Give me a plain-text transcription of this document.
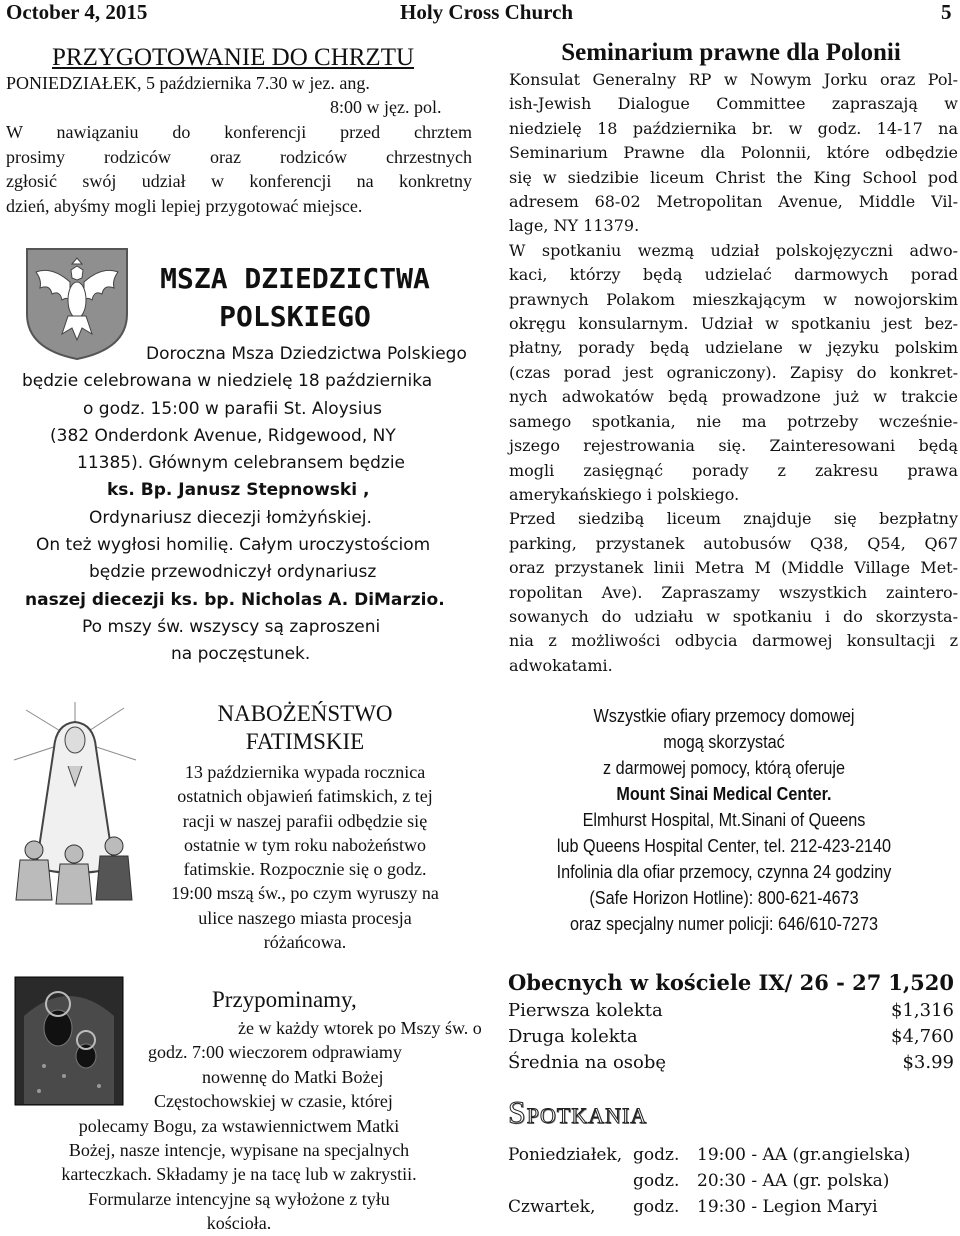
October 4, 2015	Holy Cross Church	5
PRZYGOTOWANIE DO CHRZTU
PONIEDZIAŁEK, 5 października 7.30 w jez. ang.
8:00 w jęz. pol.
W nawiązaniu do konferencji przed chrztem
prosimy rodziców oraz rodziców chrzestnych
zgłosić swój udział w konferencji na konkretny
dzień, abyśmy mogli lepiej przygotować miejsce.
MSZA DZIEDZICTWA
POLSKIEGO
Doroczna Msza Dziedzictwa Polskiego
będzie celebrowana w niedzielę 18 października
o godz. 15:00 w parafii St. Aloysius
(382 Onderdonk Avenue, Ridgewood, NY
11385). Głównym celebransem będzie
ks. Bp. Janusz Stepnowski ,
Ordynariusz diecezji łomżyńskiej.
On też wygłosi homilię. Całym uroczystościom
będzie przewodniczył ordynariusz
naszej diecezji ks. bp. Nicholas A. DiMarzio.
Po mszy św. wszyscy są zaproszeni
na poczęstunek.
NABOŻEŃSTWO
FATIMSKIE
13 października wypada rocznica
ostatnich objawień fatimskich, z tej
racji w naszej parafii odbędzie się
ostatnie w tym roku nabożeństwo
fatimskie. Rozpocznie się o godz.
19:00 mszą św., po czym wyruszy na
ulice naszego miasta procesja
różańcowa.
Przypominamy,
że w każdy wtorek po Mszy św. o
godz. 7:00 wieczorem odprawiamy
nowennę do Matki Bożej
Częstochowskiej w czasie, której
polecamy Bogu, za wstawiennictwem Matki
Bożej, nasze intencje, wypisane na specjalnych
karteczkach. Składamy je na tacę lub w zakrystii.
Formularze intencyjne są wyłożone z tyłu
kościoła.
Seminarium prawne dla Polonii
Konsulat Generalny RP w Nowym Jorku oraz Pol-
ish-Jewish Dialogue Committee zapraszają w
niedzielę 18 października br. w godz. 14-17 na
Seminarium Prawne dla Polonnii, które odbędzie
się w siedzibie liceum Christ the King School pod
adresem 68-02 Metropolitan Avenue, Middle Vil-
lage, NY 11379.
W spotkaniu wezmą udział polskojęzyczni adwo-
kaci, którzy będą udzielać darmowych porad
prawnych Polakom mieszkającym w nowojorskim
okręgu konsularnym. Udział w spotkaniu jest bez-
płatny, porady będą udzielane w języku polskim
(czas porad jest ograniczony). Zapisy do konkret-
nych adwokatów będą prowadzone już w trakcie
samego spotkania, nie ma potrzeby wcześnie-
jszego rejestrowania się. Zainteresowani będą
mogli zasięgnąć porady z zakresu prawa
amerykańskiego i polskiego.
Przed siedzibą liceum znajduje się bezpłatny
parking, przystanek autobusów Q38, Q54, Q67
oraz przystanek linii Metra M (Middle Village Met-
ropolitan Ave). Zapraszamy wszystkich zaintero-
sowanych do udziału w spotkaniu i do skorzysta-
nia z możliwości odbycia darmowej konsultacji z
adwokatami.
Wszystkie ofiary przemocy domowej
mogą skorzystać
z darmowej pomocy, którą oferuje
Mount Sinai Medical Center.
Elmhurst Hospital, Mt.Sinani of Queens
lub Queens Hospital Center, tel. 212-423-2140
Infolinia dla ofiar przemocy, czynna 24 godziny
(Safe Horizon Hotline): 800-621-4673
oraz specjalny numer policji: 646/610-7273
Obecnych w kościele IX/ 26 - 27 1,520
Pierwsza kolekta	$1,316
Druga kolekta	$4,760
Średnia na osobę	$3.99
Spotkania
Poniedziałek, godz. 19:00 - AA (gr.angielska)
godz. 20:30 - AA (gr. polska)
Czwartek, godz. 19:30 - Legion Maryi
